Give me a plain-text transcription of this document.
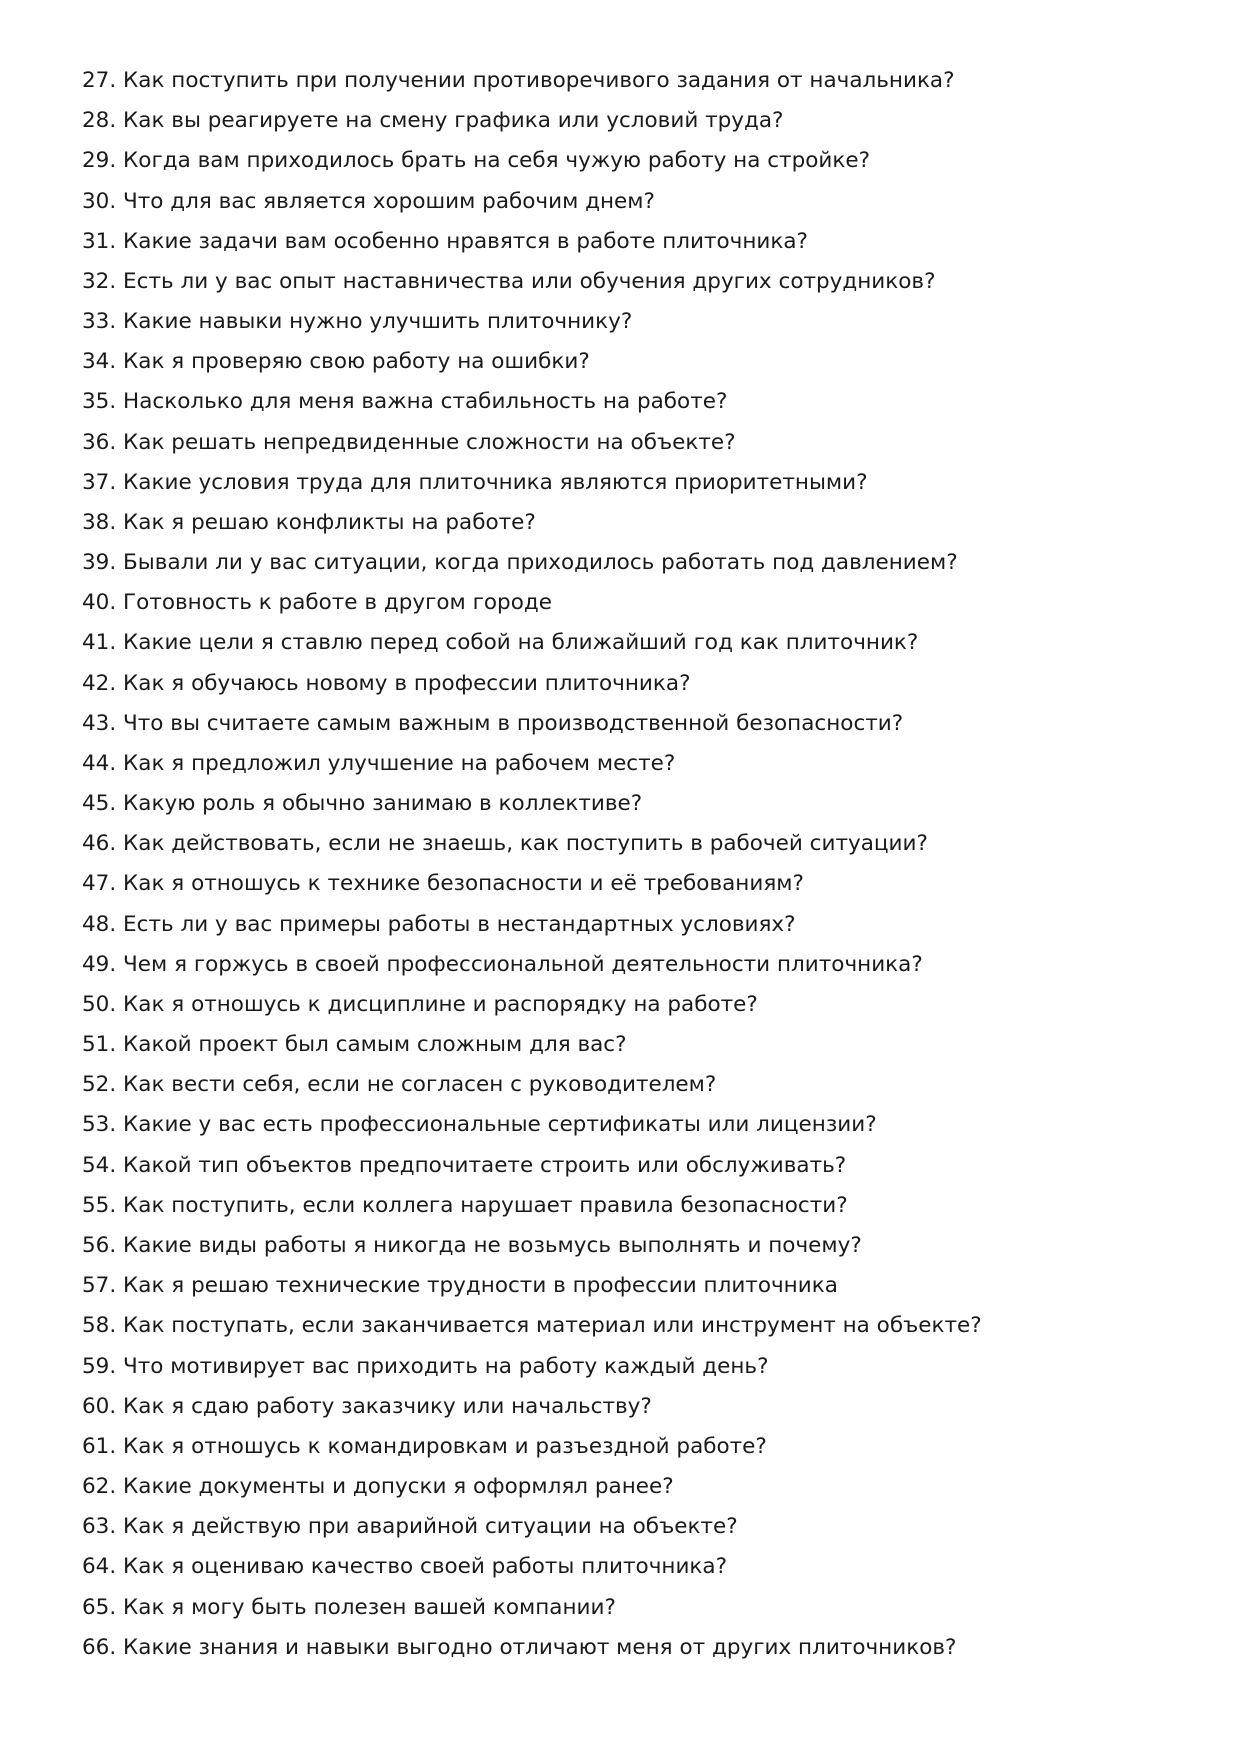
27. Как поступить при получении противоречивого задания от начальника?
28. Как вы реагируете на смену графика или условий труда?
29. Когда вам приходилось брать на себя чужую работу на стройке?
30. Что для вас является хорошим рабочим днем?
31. Какие задачи вам особенно нравятся в работе плиточника?
32. Есть ли у вас опыт наставничества или обучения других сотрудников?
33. Какие навыки нужно улучшить плиточнику?
34. Как я проверяю свою работу на ошибки?
35. Насколько для меня важна стабильность на работе?
36. Как решать непредвиденные сложности на объекте?
37. Какие условия труда для плиточника являются приоритетными?
38. Как я решаю конфликты на работе?
39. Бывали ли у вас ситуации, когда приходилось работать под давлением?
40. Готовность к работе в другом городе
41. Какие цели я ставлю перед собой на ближайший год как плиточник?
42. Как я обучаюсь новому в профессии плиточника?
43. Что вы считаете самым важным в производственной безопасности?
44. Как я предложил улучшение на рабочем месте?
45. Какую роль я обычно занимаю в коллективе?
46. Как действовать, если не знаешь, как поступить в рабочей ситуации?
47. Как я отношусь к технике безопасности и её требованиям?
48. Есть ли у вас примеры работы в нестандартных условиях?
49. Чем я горжусь в своей профессиональной деятельности плиточника?
50. Как я отношусь к дисциплине и распорядку на работе?
51. Какой проект был самым сложным для вас?
52. Как вести себя, если не согласен с руководителем?
53. Какие у вас есть профессиональные сертификаты или лицензии?
54. Какой тип объектов предпочитаете строить или обслуживать?
55. Как поступить, если коллега нарушает правила безопасности?
56. Какие виды работы я никогда не возьмусь выполнять и почему?
57. Как я решаю технические трудности в профессии плиточника
58. Как поступать, если заканчивается материал или инструмент на объекте?
59. Что мотивирует вас приходить на работу каждый день?
60. Как я сдаю работу заказчику или начальству?
61. Как я отношусь к командировкам и разъездной работе?
62. Какие документы и допуски я оформлял ранее?
63. Как я действую при аварийной ситуации на объекте?
64. Как я оцениваю качество своей работы плиточника?
65. Как я могу быть полезен вашей компании?
66. Какие знания и навыки выгодно отличают меня от других плиточников?
